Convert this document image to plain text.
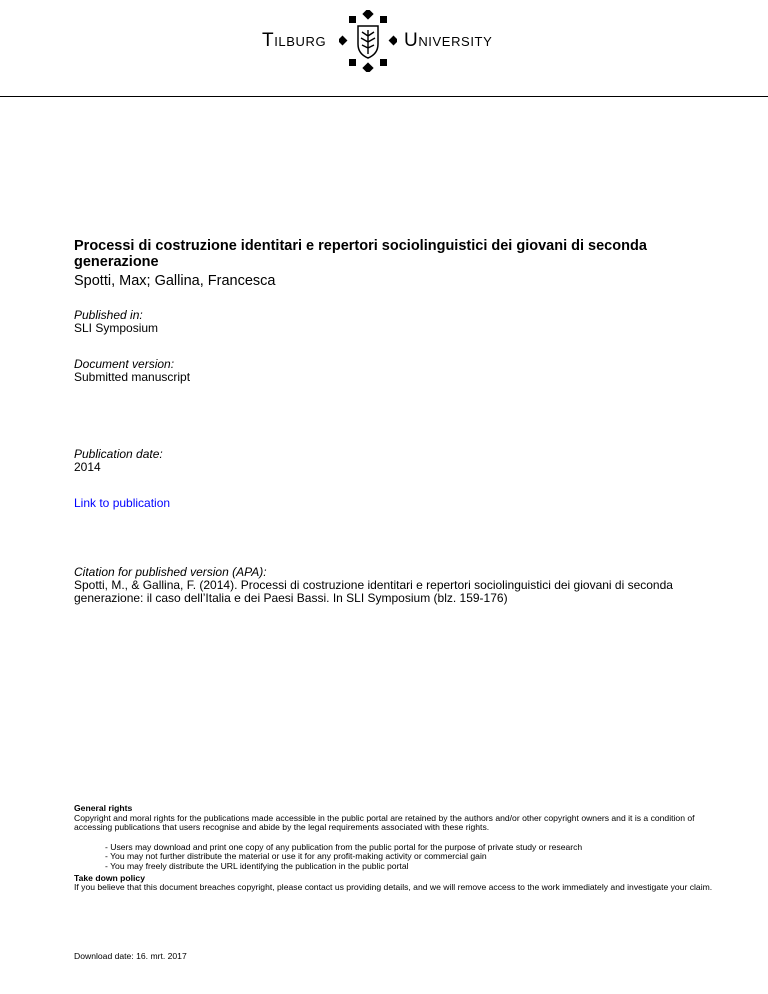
Tilburg	University
Processi di costruzione identitari e repertori sociolinguistici dei giovani di seconda generazione

Spotti, Max; Gallina, Francesca

Published in:
SLI Symposium
Document version:
Submitted manuscript
Publication date:
2014
Link to publication
Citation for published version (APA):
Spotti, M., & Gallina, F. (2014). Processi di costruzione identitari e repertori sociolinguistici dei giovani di seconda generazione: il caso dell’Italia e dei Paesi Bassi. In SLI Symposium (blz. 159-176)
General rights
Copyright and moral rights for the publications made accessible in the public portal are retained by the authors and/or other copyright owners and it is a condition of accessing publications that users recognise and abide by the legal requirements associated with these rights.
- Users may download and print one copy of any publication from the public portal for the purpose of private study or research
- You may not further distribute the material or use it for any profit-making activity or commercial gain
- You may freely distribute the URL identifying the publication in the public portal
Take down policy
If you believe that this document breaches copyright, please contact us providing details, and we will remove access to the work immediately and investigate your claim.
Download date: 16. mrt. 2017
